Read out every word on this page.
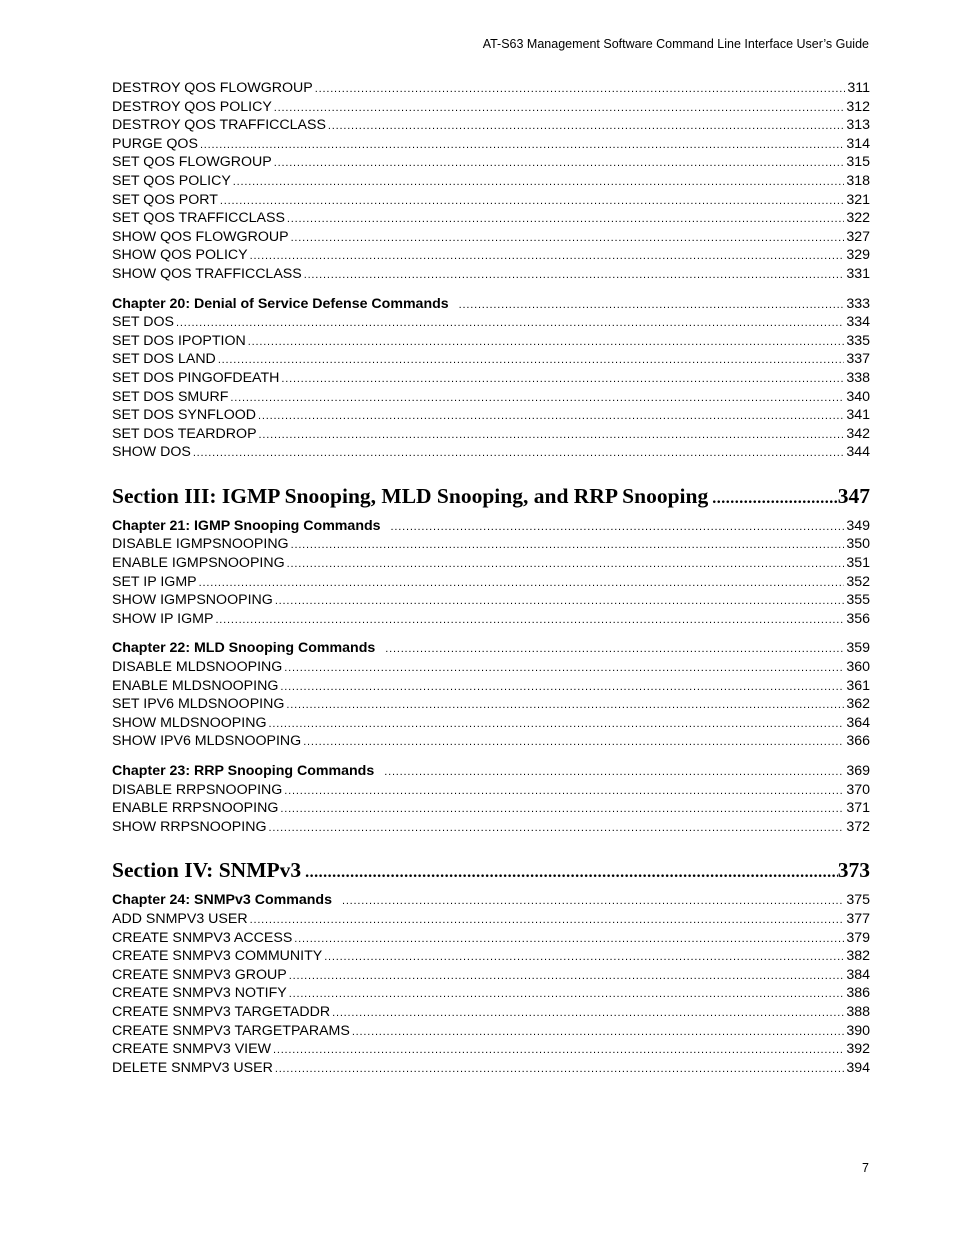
AT-S63 Management Software Command Line Interface User’s Guide
DESTROY QOS FLOWGROUP .....	311
DESTROY QOS POLICY .....	312
DESTROY QOS TRAFFICCLASS .....	313
PURGE QOS .....	314
SET QOS FLOWGROUP .....	315
SET QOS POLICY .....	318
SET QOS PORT .....	321
SET QOS TRAFFICCLASS .....	322
SHOW QOS FLOWGROUP .....	327
SHOW QOS POLICY .....	329
SHOW QOS TRAFFICCLASS .....	331
Chapter 20: Denial of Service Defense Commands .....	333
SET DOS .....	334
SET DOS IPOPTION .....	335
SET DOS LAND .....	337
SET DOS PINGOFDEATH .....	338
SET DOS SMURF .....	340
SET DOS SYNFLOOD .....	341
SET DOS TEARDROP .....	342
SHOW DOS .....	344
Section III: IGMP Snooping, MLD Snooping, and RRP Snooping .....	347
Chapter 21: IGMP Snooping Commands .....	349
DISABLE IGMPSNOOPING .....	350
ENABLE IGMPSNOOPING .....	351
SET IP IGMP .....	352
SHOW IGMPSNOOPING .....	355
SHOW IP IGMP .....	356
Chapter 22: MLD Snooping Commands .....	359
DISABLE MLDSNOOPING .....	360
ENABLE MLDSNOOPING .....	361
SET IPV6 MLDSNOOPING .....	362
SHOW MLDSNOOPING .....	364
SHOW IPV6 MLDSNOOPING .....	366
Chapter 23: RRP Snooping Commands .....	369
DISABLE RRPSNOOPING .....	370
ENABLE RRPSNOOPING .....	371
SHOW RRPSNOOPING .....	372
Section IV: SNMPv3 .....	373
Chapter 24: SNMPv3 Commands .....	375
ADD SNMPV3 USER .....	377
CREATE SNMPV3 ACCESS .....	379
CREATE SNMPV3 COMMUNITY .....	382
CREATE SNMPV3 GROUP .....	384
CREATE SNMPV3 NOTIFY .....	386
CREATE SNMPV3 TARGETADDR .....	388
CREATE SNMPV3 TARGETPARAMS .....	390
CREATE SNMPV3 VIEW .....	392
DELETE SNMPV3 USER .....	394
7
